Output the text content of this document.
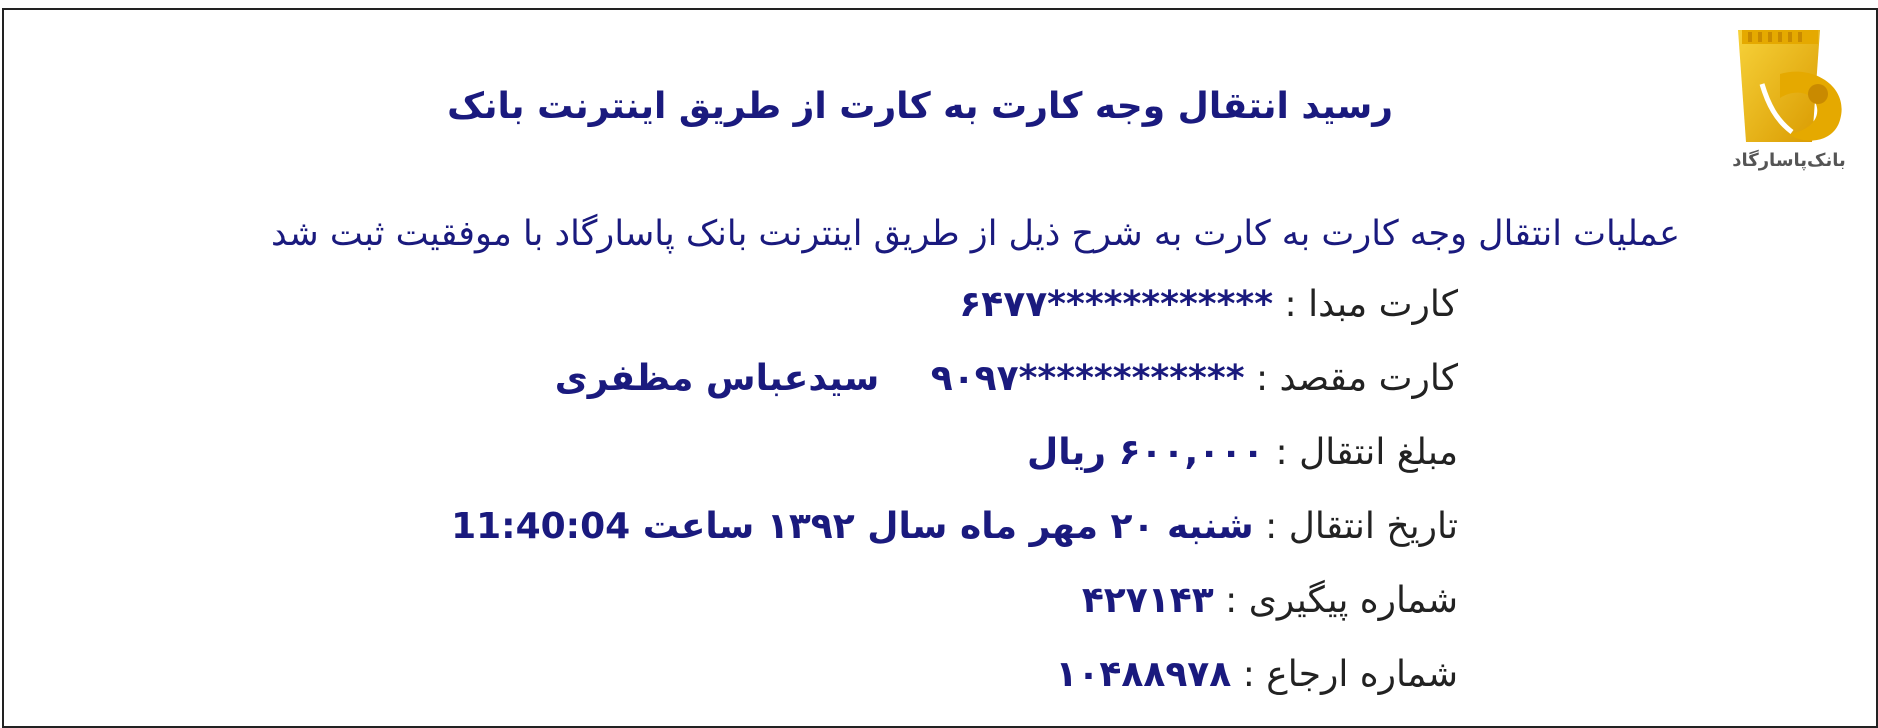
بانک‌پاسارگاد
رسید انتقال وجه کارت به کارت از طریق اینترنت بانک
عملیات انتقال وجه کارت به کارت به شرح ذیل از طریق اینترنت بانک پاسارگاد با موفقیت ثبت شد
کارت مبدا : ************۶۴۷۷
کارت مقصد : ************۹۰۹۷ سیدعباس مظفری
مبلغ انتقال : ۶۰۰,۰۰۰ ریال
تاریخ انتقال : شنبه ۲۰ مهر ماه سال ۱۳۹۲ ساعت 11:40:04
شماره پیگیری : ۴۲۷۱۴۳
شماره ارجاع : ۱۰۴۸۸۹۷۸
